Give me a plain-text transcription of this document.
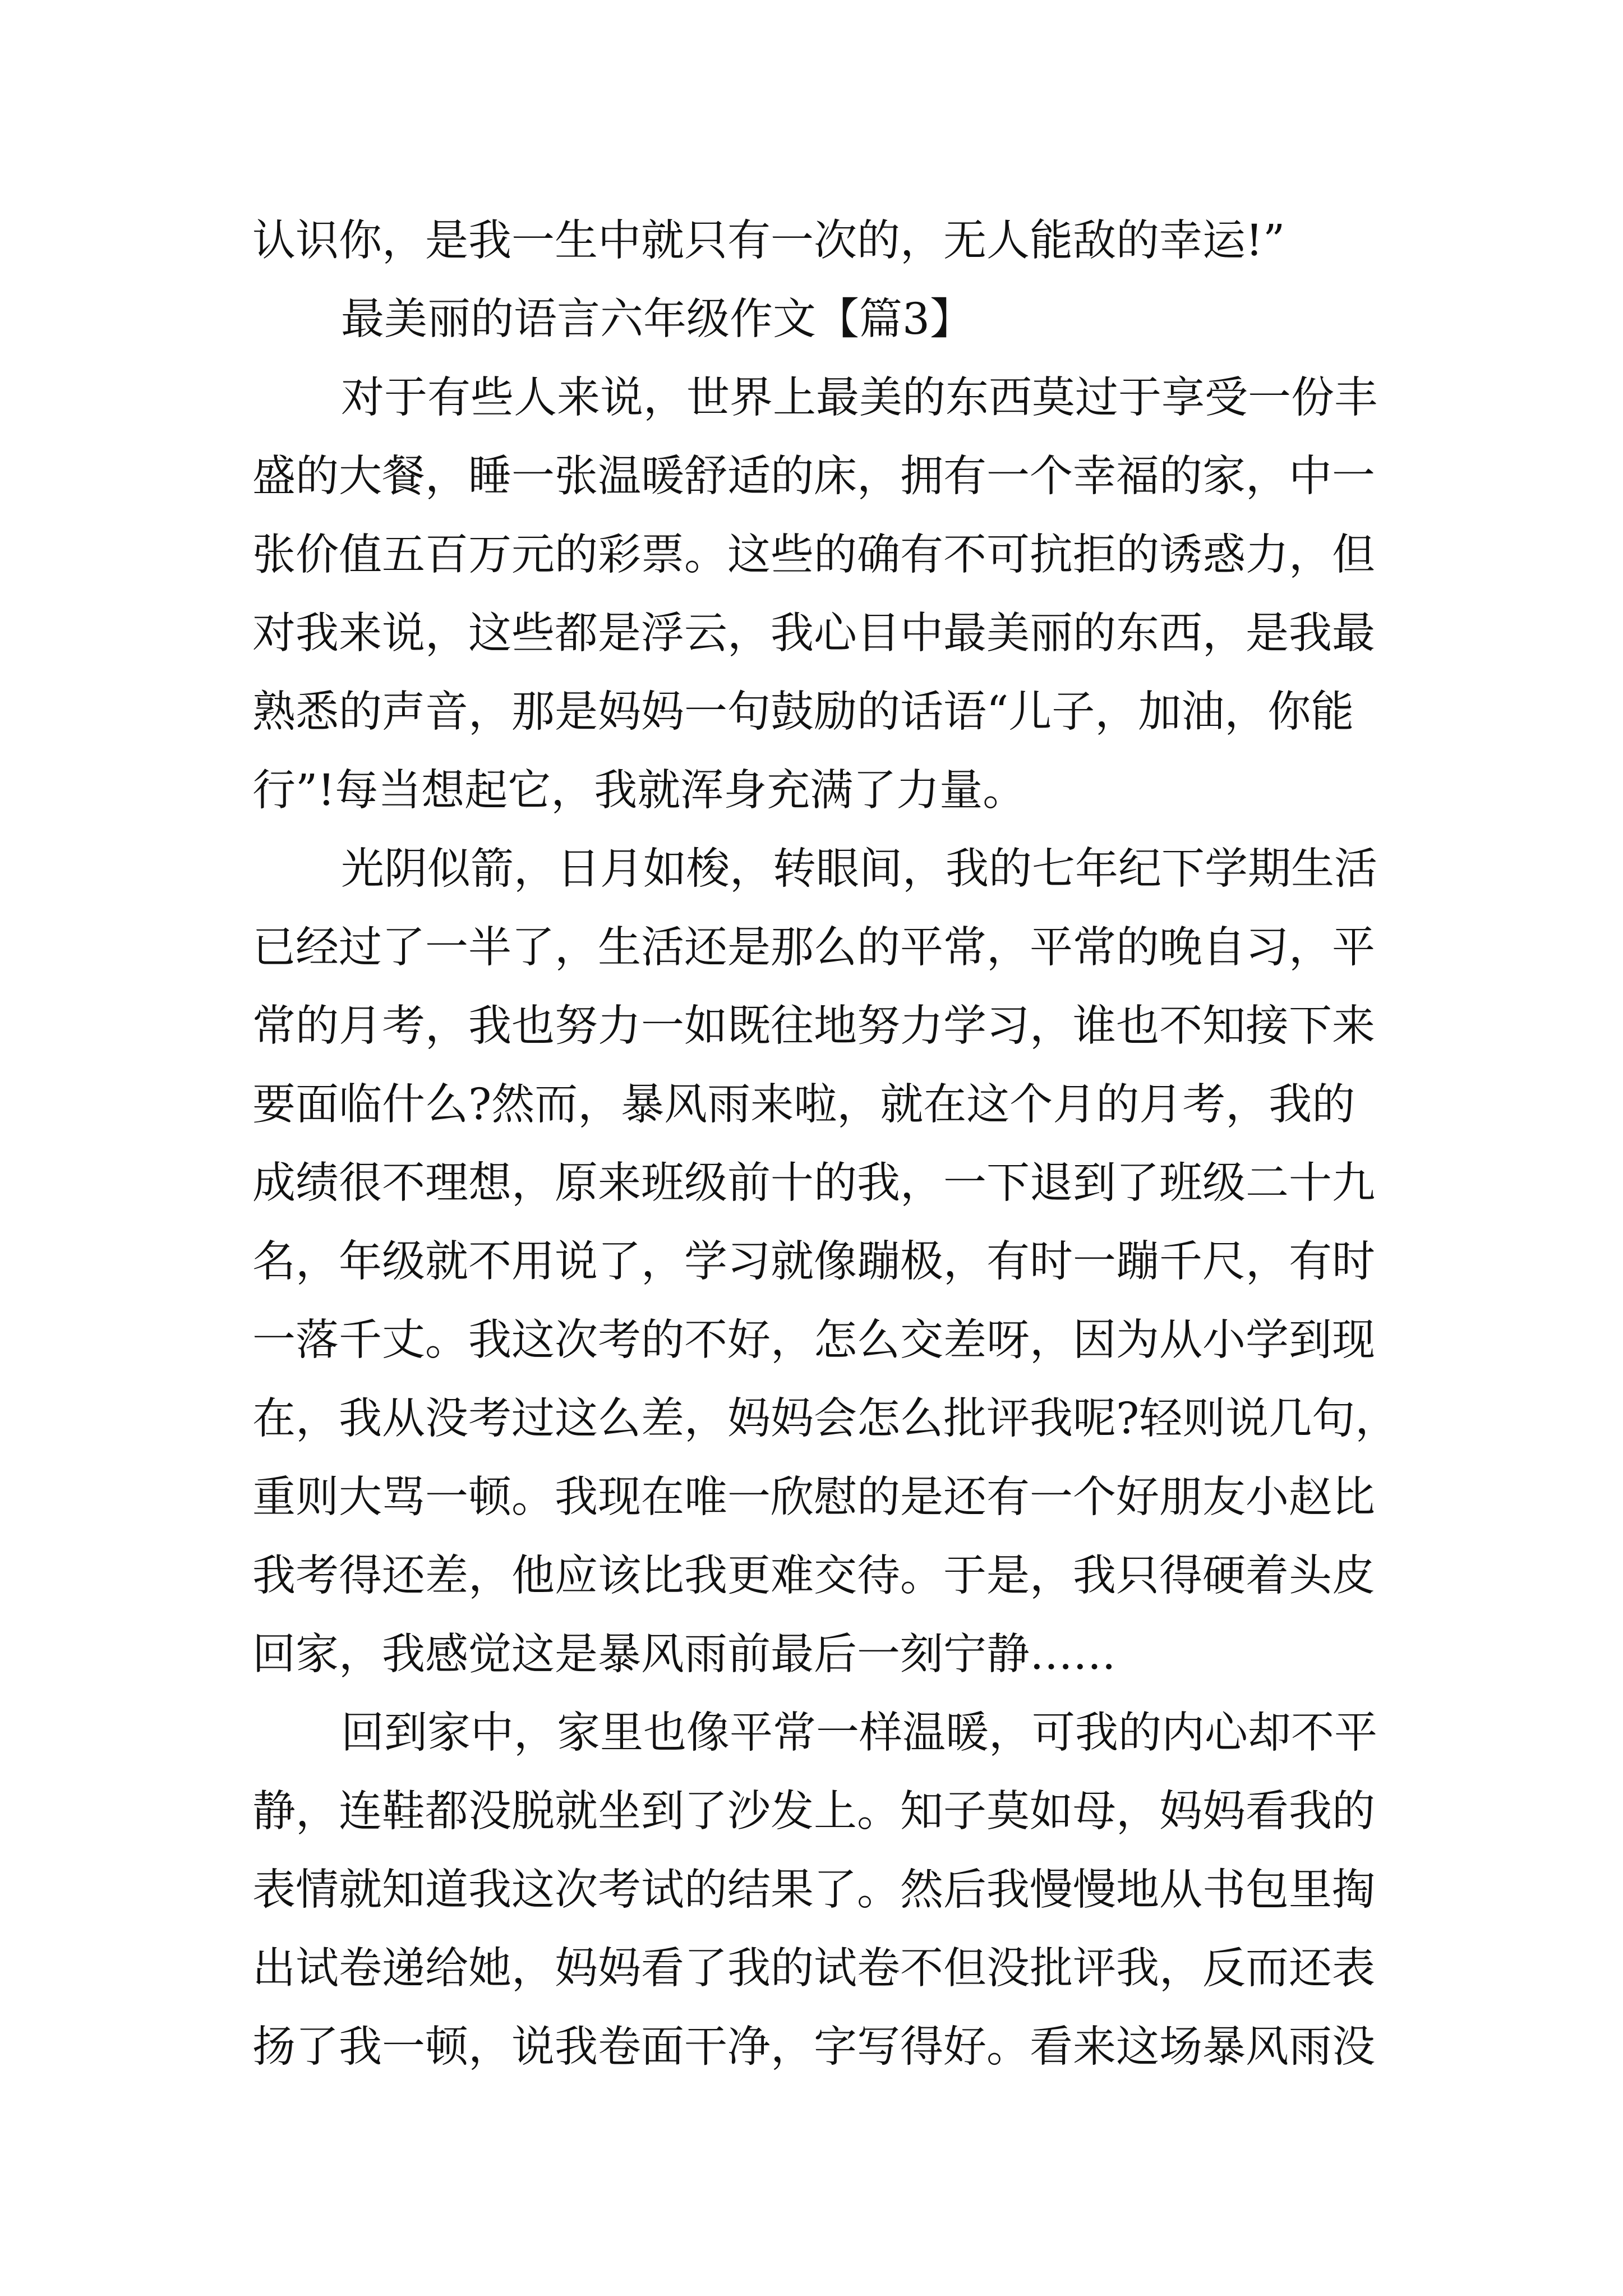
认识你，是我一生中就只有一次的，无人能敌的幸运!”
最美丽的语言六年级作文【篇3】
对于有些人来说，世界上最美的东西莫过于享受一份丰
盛的大餐，睡一张温暖舒适的床，拥有一个幸福的家，中一
张价值五百万元的彩票。这些的确有不可抗拒的诱惑力，但
对我来说，这些都是浮云，我心目中最美丽的东西，是我最
熟悉的声音，那是妈妈一句鼓励的话语“儿子，加油，你能
行”!每当想起它，我就浑身充满了力量。
光阴似箭，日月如梭，转眼间，我的七年纪下学期生活
已经过了一半了，生活还是那么的平常，平常的晚自习，平
常的月考，我也努力一如既往地努力学习，谁也不知接下来
要面临什么?然而，暴风雨来啦，就在这个月的月考，我的
成绩很不理想，原来班级前十的我，一下退到了班级二十九
名，年级就不用说了，学习就像蹦极，有时一蹦千尺，有时
一落千丈。我这次考的不好，怎么交差呀，因为从小学到现
在，我从没考过这么差，妈妈会怎么批评我呢?轻则说几句，
重则大骂一顿。我现在唯一欣慰的是还有一个好朋友小赵比
我考得还差，他应该比我更难交待。于是，我只得硬着头皮
回家，我感觉这是暴风雨前最后一刻宁静……
回到家中，家里也像平常一样温暖，可我的内心却不平
静，连鞋都没脱就坐到了沙发上。知子莫如母，妈妈看我的
表情就知道我这次考试的结果了。然后我慢慢地从书包里掏
出试卷递给她，妈妈看了我的试卷不但没批评我，反而还表
扬了我一顿，说我卷面干净，字写得好。看来这场暴风雨没
